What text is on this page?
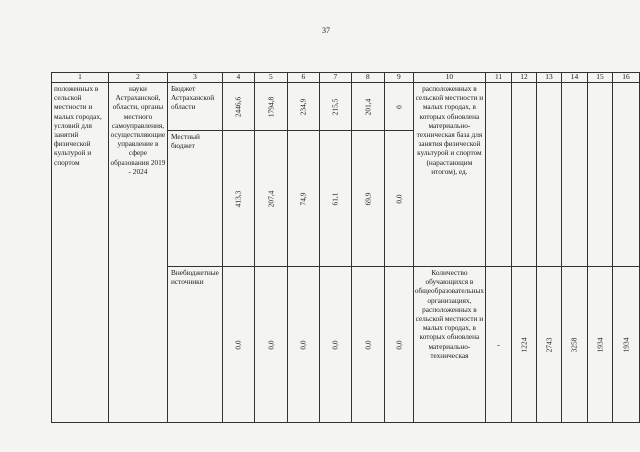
37
1	2	3	4	5	6	7	8	9	10	11	12	13	14	15	16
положенных в сельской местности и малых городах, условий для занятий физической культурой и спортом	науки Астраханской, области, органы местного самоуправления, осуществляющие управление в сфере образования 2019 - 2024	Бюджет Астраханской области	2446,6	1794,8	234,9	215,5	201,4	0	расположенных в сельской местности и малых городах, в которых обновлена материально-техническая база для занятия физической культурой и спортом (нарастающим итогом), ед.						
		Местный бюджет	413,3	207,4	74,9	61,1	69,9	0,0							

		Внебюджетные источники	0,0	0,0	0,0	0,0	0,0	0,0	Количество обучающихся в общеобразовательных организациях, расположенных в сельской местности и малых городах, в которых обновлена материально-техническая	-	1224	2743	3258	1934	1934
